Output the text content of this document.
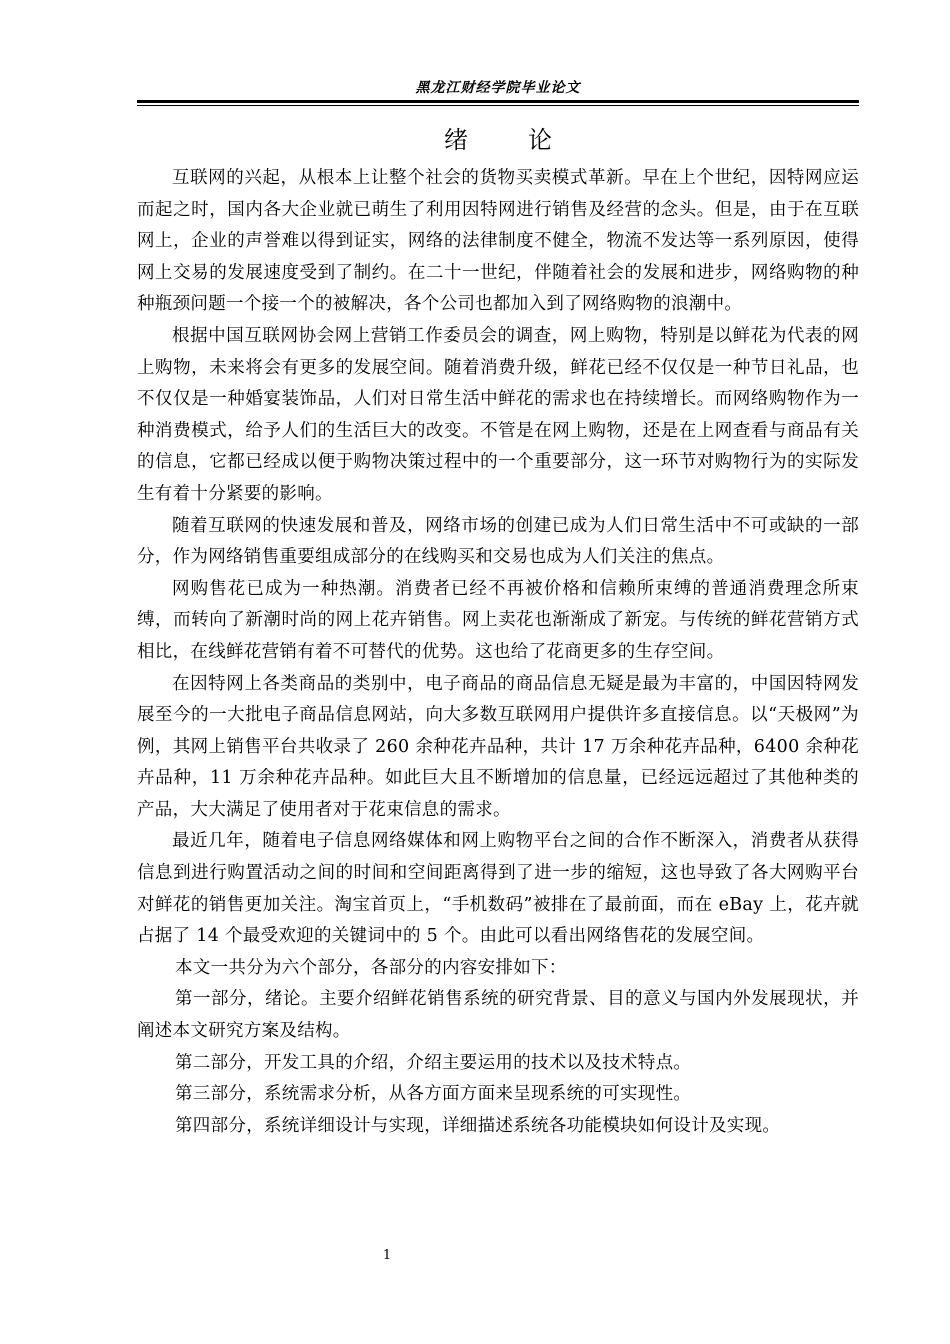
黑龙江财经学院毕业论文
绪论

互联网的兴起，从根本上让整个社会的货物买卖模式革新。早在上个世纪，因特网应运而起之时，国内各大企业就已萌生了利用因特网进行销售及经营的念头。但是，由于在互联网上，企业的声誉难以得到证实，网络的法律制度不健全，物流不发达等一系列原因，使得网上交易的发展速度受到了制约。在二十一世纪，伴随着社会的发展和进步，网络购物的种种瓶颈问题一个接一个的被解决，各个公司也都加入到了网络购物的浪潮中。

根据中国互联网协会网上营销工作委员会的调查，网上购物，特别是以鲜花为代表的网上购物，未来将会有更多的发展空间。随着消费升级，鲜花已经不仅仅是一种节日礼品，也不仅仅是一种婚宴装饰品，人们对日常生活中鲜花的需求也在持续增长。而网络购物作为一种消费模式，给予人们的生活巨大的改变。不管是在网上购物，还是在上网查看与商品有关的信息，它都已经成以便于购物决策过程中的一个重要部分，这一环节对购物行为的实际发生有着十分紧要的影响。

随着互联网的快速发展和普及，网络市场的创建已成为人们日常生活中不可或缺的一部分，作为网络销售重要组成部分的在线购买和交易也成为人们关注的焦点。

网购售花已成为一种热潮。消费者已经不再被价格和信赖所束缚的普通消费理念所束缚，而转向了新潮时尚的网上花卉销售。网上卖花也渐渐成了新宠。与传统的鲜花营销方式相比，在线鲜花营销有着不可替代的优势。这也给了花商更多的生存空间。

在因特网上各类商品的类别中，电子商品的商品信息无疑是最为丰富的，中国因特网发展至今的一大批电子商品信息网站，向大多数互联网用户提供许多直接信息。以“天极网”为例，其网上销售平台共收录了 260 余种花卉品种，共计 17 万余种花卉品种，6400 余种花卉品种，11 万余种花卉品种。如此巨大且不断增加的信息量，已经远远超过了其他种类的产品，大大满足了使用者对于花束信息的需求。

最近几年，随着电子信息网络媒体和网上购物平台之间的合作不断深入，消费者从获得信息到进行购置活动之间的时间和空间距离得到了进一步的缩短，这也导致了各大网购平台对鲜花的销售更加关注。淘宝首页上，“手机数码”被排在了最前面，而在 eBay 上，花卉就占据了 14 个最受欢迎的关键词中的 5 个。由此可以看出网络售花的发展空间。

本文一共分为六个部分，各部分的内容安排如下：

第一部分，绪论。主要介绍鲜花销售系统的研究背景、目的意义与国内外发展现状，并阐述本文研究方案及结构。

第二部分，开发工具的介绍，介绍主要运用的技术以及技术特点。

第三部分，系统需求分析，从各方面方面来呈现系统的可实现性。

第四部分，系统详细设计与实现，详细描述系统各功能模块如何设计及实现。

1
